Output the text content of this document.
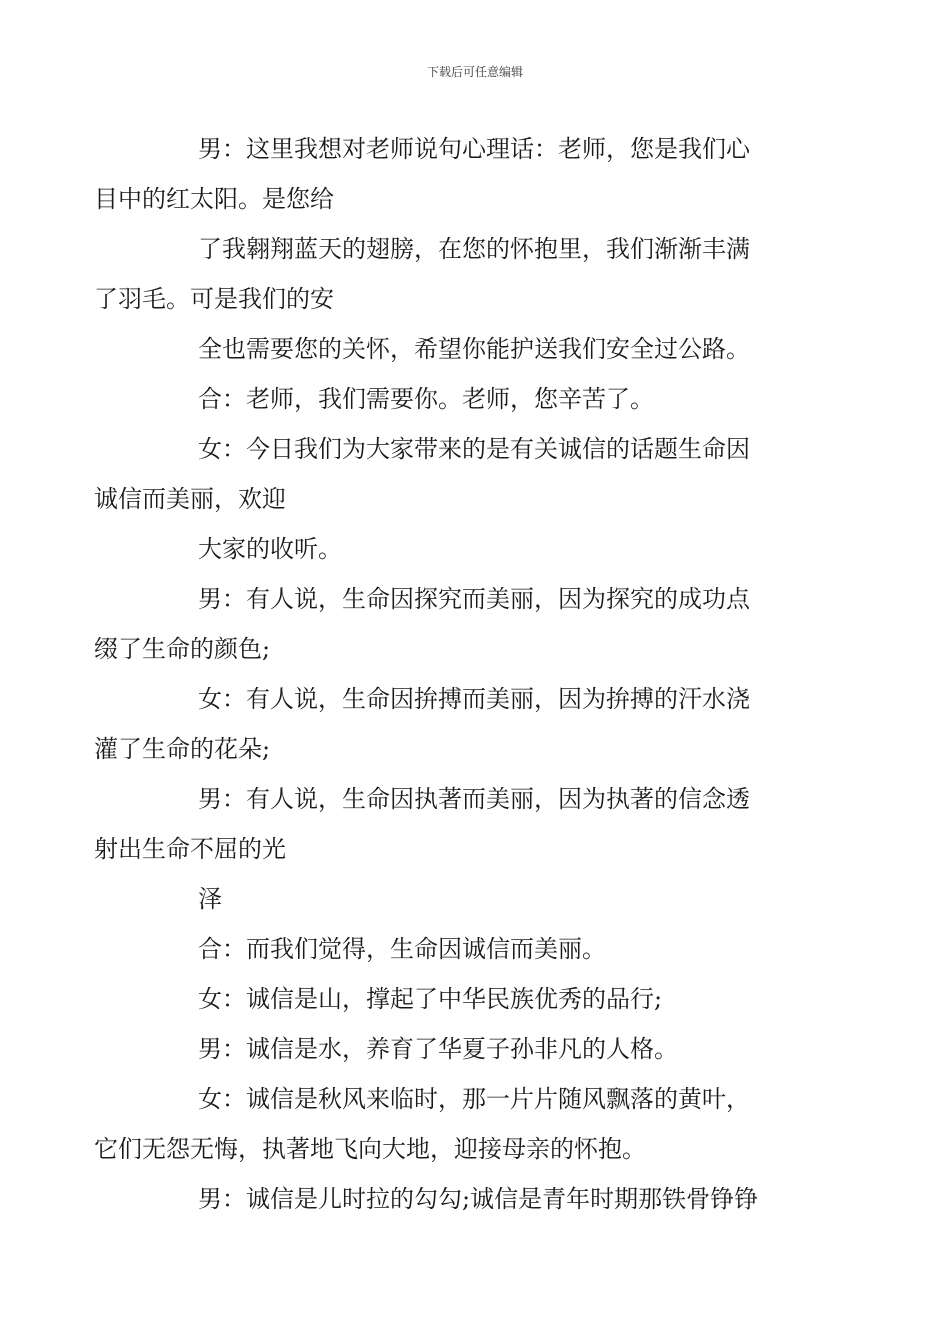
下载后可任意编辑

男：这里我想对老师说句心理话：老师，您是我们心
目中的红太阳。是您给

了我翱翔蓝天的翅膀，在您的怀抱里，我们渐渐丰满
了羽毛。可是我们的安

全也需要您的关怀，希望你能护送我们安全过公路。

合：老师，我们需要你。老师，您辛苦了。

女：今日我们为大家带来的是有关诚信的话题生命因
诚信而美丽，欢迎

大家的收听。

男：有人说，生命因探究而美丽，因为探究的成功点
缀了生命的颜色;

女：有人说，生命因拚搏而美丽，因为拚搏的汗水浇
灌了生命的花朵;

男：有人说，生命因执著而美丽，因为执著的信念透
射出生命不屈的光

泽

合：而我们觉得，生命因诚信而美丽。

女：诚信是山，撑起了中华民族优秀的品行;

男：诚信是水，养育了华夏子孙非凡的人格。

女：诚信是秋风来临时，那一片片随风飘落的黄叶，
它们无怨无悔，执著地飞向大地，迎接母亲的怀抱。

男：诚信是儿时拉的勾勾;诚信是青年时期那铁骨铮铮
